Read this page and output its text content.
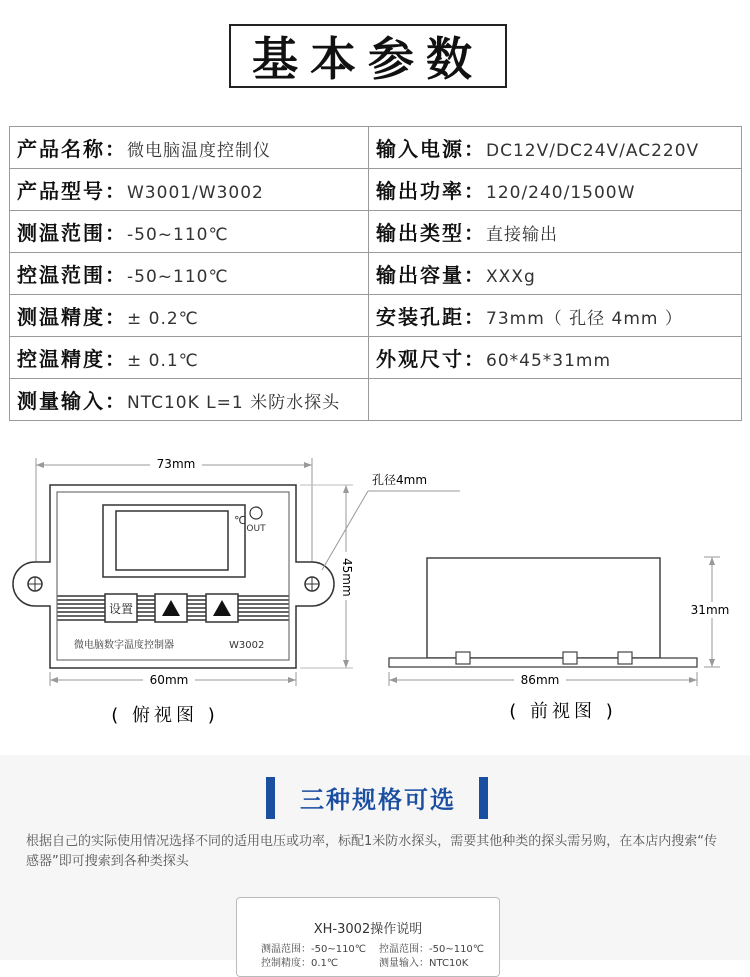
基本参数
产品名称：微电脑温度控制仪	输入电源：DC12V/DC24V/AC220V
产品型号：W3001/W3002	输出功率：120/240/1500W
测温范围：-50~110℃	输出类型：直接输出
控温范围：-50~110℃	输出容量：XXXg
测温精度：± 0.2℃	安装孔距：73mm（ 孔径 4mm ）
控温精度：± 0.1℃	外观尺寸：60*45*31mm
测量输入：NTC10K L=1 米防水探头	
73mm
℃
OUT
设置
微电脑数字温度控制器	W3002
45mm
孔径4mm
60mm
31mm
86mm
( 俯视图 )	( 前视图 )
三种规格可选
根据自己的实际使用情况选择不同的适用电压或功率，标配1米防水探头，需要其他种类的探头需另购，在本店内搜索“传感器”即可搜索到各种类探头
XH-3002操作说明
测温范围：-50~110℃ 控温范围：-50~110℃
控制精度：0.1℃	测量输入：NTC10K
